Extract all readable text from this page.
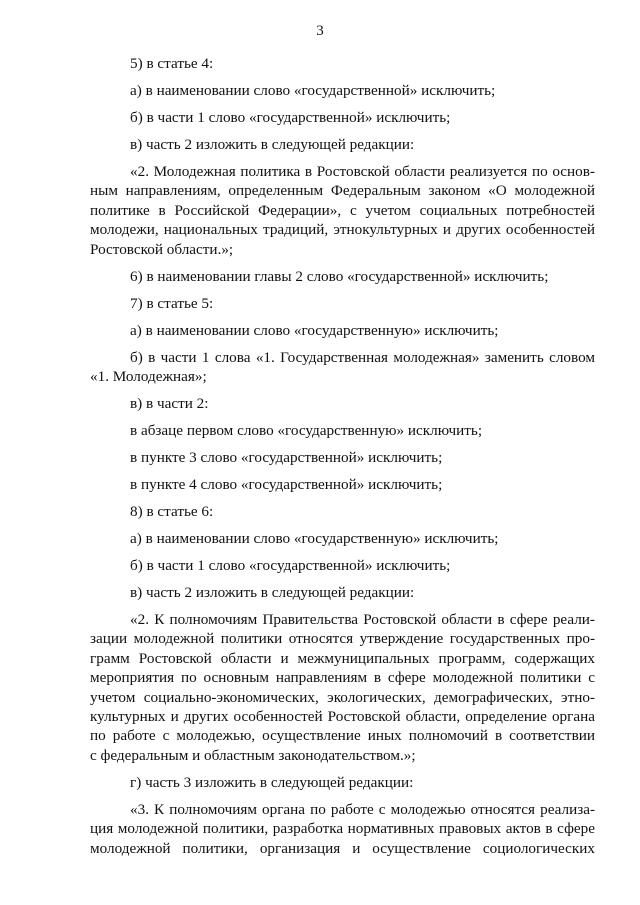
3
5) в статье 4:
а) в наименовании слово «государственной» исключить;
б) в части 1 слово «государственной» исключить;
в) часть 2 изложить в следующей редакции:
«2. Молодежная политика в Ростовской области реализуется по основ-
ным направлениям, определенным Федеральным законом «О молодежной
политике в Российской Федерации», с учетом социальных потребностей
молодежи, национальных традиций, этнокультурных и других особенностей
Ростовской области.»;
6) в наименовании главы 2 слово «государственной» исключить;
7) в статье 5:
а) в наименовании слово «государственную» исключить;
б) в части 1 слова «1. Государственная молодежная» заменить словом
«1. Молодежная»;
в) в части 2:
в абзаце первом слово «государственную» исключить;
в пункте 3 слово «государственной» исключить;
в пункте 4 слово «государственной» исключить;
8) в статье 6:
а) в наименовании слово «государственную» исключить;
б) в части 1 слово «государственной» исключить;
в) часть 2 изложить в следующей редакции:
«2. К полномочиям Правительства Ростовской области в сфере реали-
зации молодежной политики относятся утверждение государственных про-
грамм Ростовской области и межмуниципальных программ, содержащих
мероприятия по основным направлениям в сфере молодежной политики с
учетом социально-экономических, экологических, демографических, этно-
культурных и других особенностей Ростовской области, определение органа
по работе с молодежью, осуществление иных полномочий в соответствии
с федеральным и областным законодательством.»;
г) часть 3 изложить в следующей редакции:
«3. К полномочиям органа по работе с молодежью относятся реализа-
ция молодежной политики, разработка нормативных правовых актов в сфере
молодежной политики, организация и осуществление социологических
